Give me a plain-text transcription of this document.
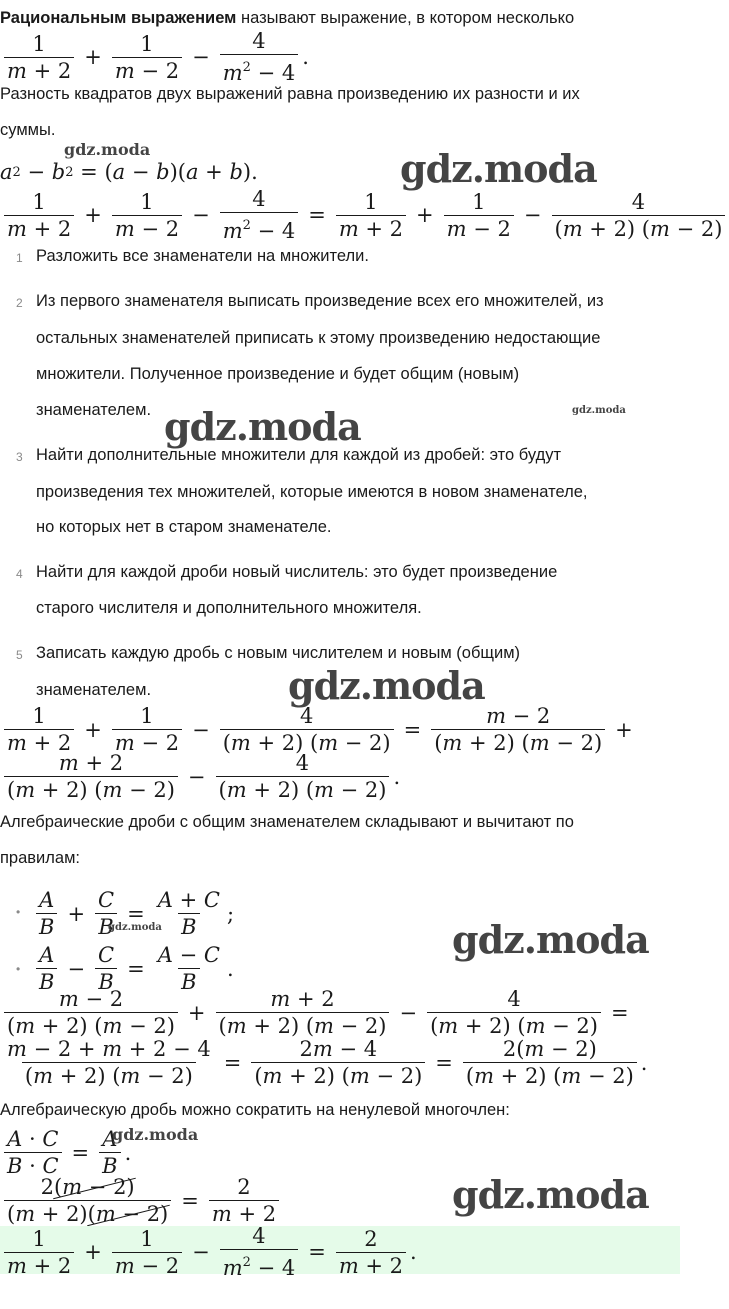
Рациональным выражением называют выражение, в котором несколько
$\frac{1}{m + 2} + \frac{1}{m - 2} - \frac{4}{m^2 - 4}$ .
Разность квадратов двух выражений равна произведению их разности и их
суммы.
a 2 − b 2 = ( a − b )( a + b ).
$\frac{1}{m + 2} + \frac{1}{m - 2} - \frac{4}{m^2 - 4} = \frac{1}{m + 2} + \frac{1}{m - 2} - \frac{4}{(m + 2) (m - 2)}$
1 Разложить все знаменатели на множители.
2 Из первого знаменателя выписать произведение всех его множителей, из
остальных знаменателей приписать к этому произведению недостающие
множители. Полученное произведение и будет общим (новым)
знаменателем.
3 Найти дополнительные множители для каждой из дробей: это будут
произведения тех множителей, которые имеются в новом знаменателе,
но которых нет в старом знаменателе.
4 Найти для каждой дроби новый числитель: это будет произведение
старого числителя и дополнительного множителя.
5 Записать каждую дробь с новым числителем и новым (общим)
знаменателем.
$\frac{1}{m + 2} + \frac{1}{m - 2} - \frac{4}{(m + 2) (m - 2)} = \frac{m - 2}{(m + 2) (m - 2)}$ +
$\frac{m + 2}{(m + 2) (m - 2)} - \frac{4}{(m + 2) (m - 2)}$ .
Алгебраические дроби с общим знаменателем складывают и вычитают по
правилам:
• $\frac{A}{B} + \frac{C}{B} = \frac{A + C}{B}$ ;
• $\frac{A}{B} - \frac{C}{B} = \frac{A - C}{B}$ .
$\frac{m - 2}{(m + 2) (m - 2)} + \frac{m + 2}{(m + 2) (m - 2)} - \frac{4}{(m + 2) (m - 2)}$ =
$\frac{m - 2 + m + 2 - 4}{(m + 2) (m - 2)} = \frac{2m - 4}{(m + 2) (m - 2)} = \frac{2(m - 2)}{(m + 2) (m - 2)}$ .
Алгебраическую дробь можно сократить на ненулевой многочлен:
$\frac{A \cdot C}{B \cdot C} = \frac{A}{B}$ .
$\frac{2(m - 2)}{(m + 2)(m - 2)} = \frac{2}{m + 2}$
$\frac{1}{m + 2} + \frac{1}{m - 2} - \frac{4}{m^2 - 4} = \frac{2}{m + 2}$ .
gdz.moda	gdz.moda
gdz.moda	gdz.moda
gdz.moda
gdz.moda
gdz.moda
gdz.moda
gdz.moda
